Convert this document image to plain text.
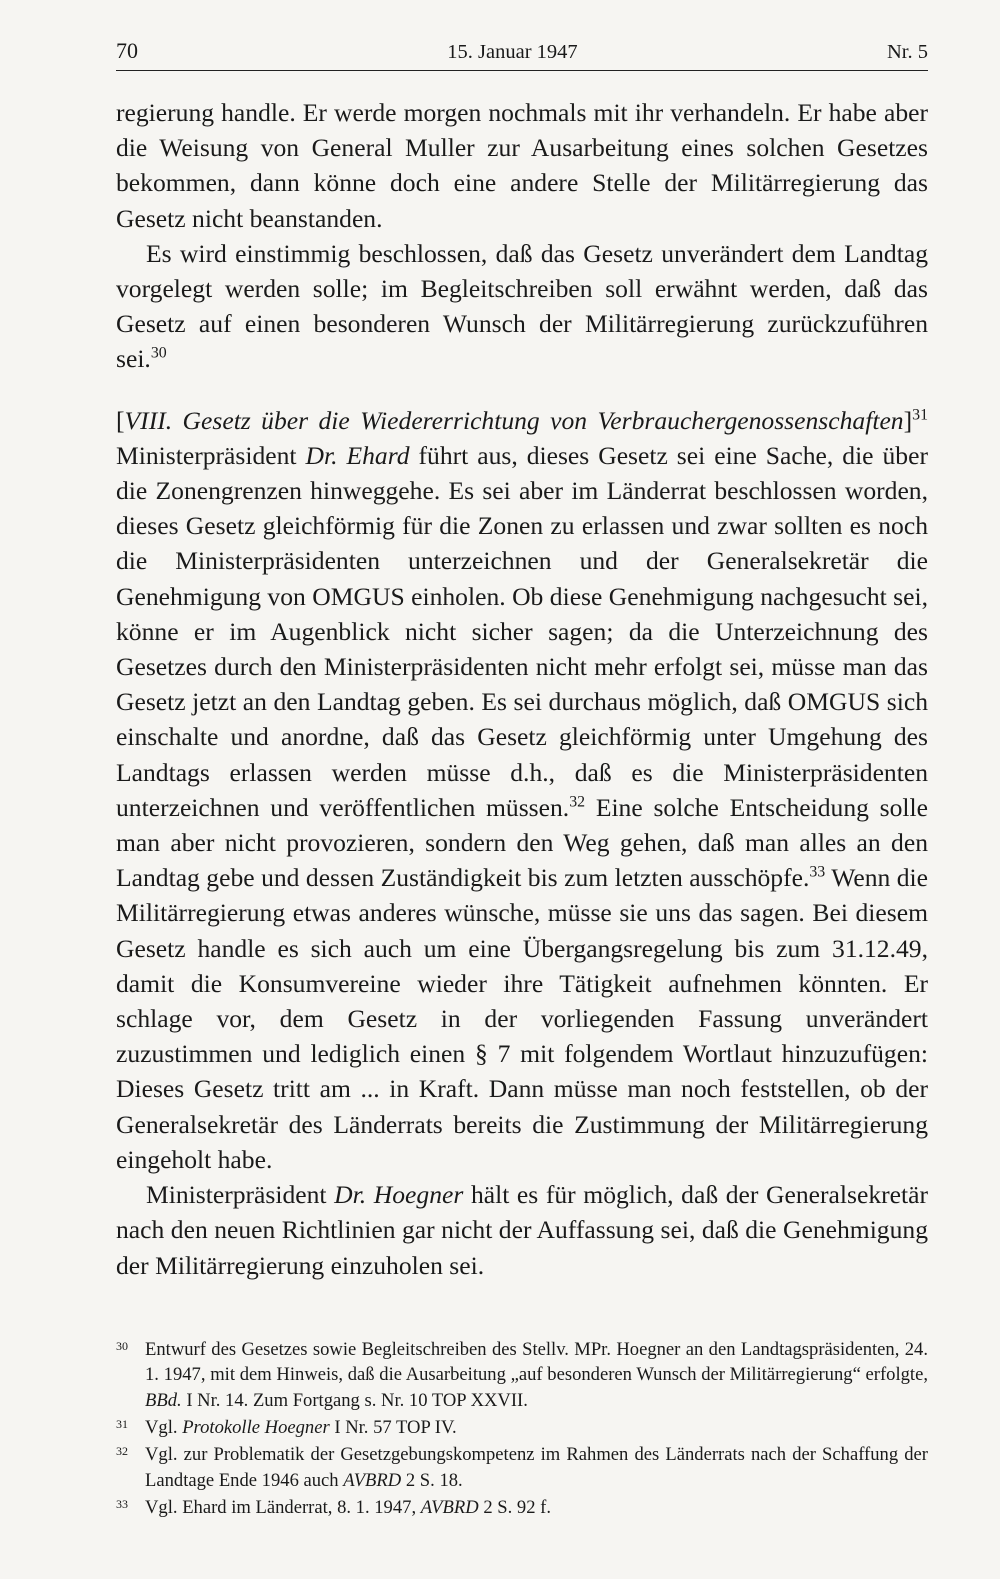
70	15. Januar 1947	Nr. 5

regierung handle. Er werde morgen nochmals mit ihr verhandeln. Er habe aber die Weisung von General Muller zur Ausarbeitung eines solchen Gesetzes bekommen, dann könne doch eine andere Stelle der Militärregierung das Gesetz nicht beanstanden.

Es wird einstimmig beschlossen, daß das Gesetz unverändert dem Landtag vorgelegt werden solle; im Begleitschreiben soll erwähnt werden, daß das Gesetz auf einen besonderen Wunsch der Militärregierung zurückzuführen sei.$^{30}$

[VIII. Gesetz über die Wiedererrichtung von Verbrauchergenossenschaften]$^{31}$ Ministerpräsident Dr. Ehard führt aus, dieses Gesetz sei eine Sache, die über die Zonengrenzen hinweggehe. Es sei aber im Länderrat beschlossen worden, dieses Gesetz gleichförmig für die Zonen zu erlassen und zwar sollten es noch die Ministerpräsidenten unterzeichnen und der Generalsekretär die Genehmigung von OMGUS einholen. Ob diese Genehmigung nachgesucht sei, könne er im Augenblick nicht sicher sagen; da die Unterzeichnung des Gesetzes durch den Ministerpräsidenten nicht mehr erfolgt sei, müsse man das Gesetz jetzt an den Landtag geben. Es sei durchaus möglich, daß OMGUS sich einschalte und anordne, daß das Gesetz gleichförmig unter Umgehung des Landtags erlassen werden müsse d.h., daß es die Ministerpräsidenten unterzeichnen und veröffentlichen müssen.$^{32}$ Eine solche Entscheidung solle man aber nicht provozieren, sondern den Weg gehen, daß man alles an den Landtag gebe und dessen Zuständigkeit bis zum letzten ausschöpfe.$^{33}$ Wenn die Militärregierung etwas anderes wünsche, müsse sie uns das sagen. Bei diesem Gesetz handle es sich auch um eine Übergangsregelung bis zum 31.12.49, damit die Konsumvereine wieder ihre Tätigkeit aufnehmen könnten. Er schlage vor, dem Gesetz in der vorliegenden Fassung unverändert zuzustimmen und lediglich einen § 7 mit folgendem Wortlaut hinzuzufügen: Dieses Gesetz tritt am ... in Kraft. Dann müsse man noch feststellen, ob der Generalsekretär des Länderrats bereits die Zustimmung der Militärregierung eingeholt habe.

Ministerpräsident Dr. Hoegner hält es für möglich, daß der Generalsekretär nach den neuen Richtlinien gar nicht der Auffassung sei, daß die Genehmigung der Militärregierung einzuholen sei.

30 Entwurf des Gesetzes sowie Begleitschreiben des Stellv. MPr. Hoegner an den Landtagspräsidenten, 24. 1. 1947, mit dem Hinweis, daß die Ausarbeitung „auf besonderen Wunsch der Militärregierung“ erfolgte, BBd. I Nr. 14. Zum Fortgang s. Nr. 10 TOP XXVII.
31 Vgl. Protokolle Hoegner I Nr. 57 TOP IV.
32 Vgl. zur Problematik der Gesetzgebungskompetenz im Rahmen des Länderrats nach der Schaffung der Landtage Ende 1946 auch AVBRD 2 S. 18.
33 Vgl. Ehard im Länderrat, 8. 1. 1947, AVBRD 2 S. 92 f.
